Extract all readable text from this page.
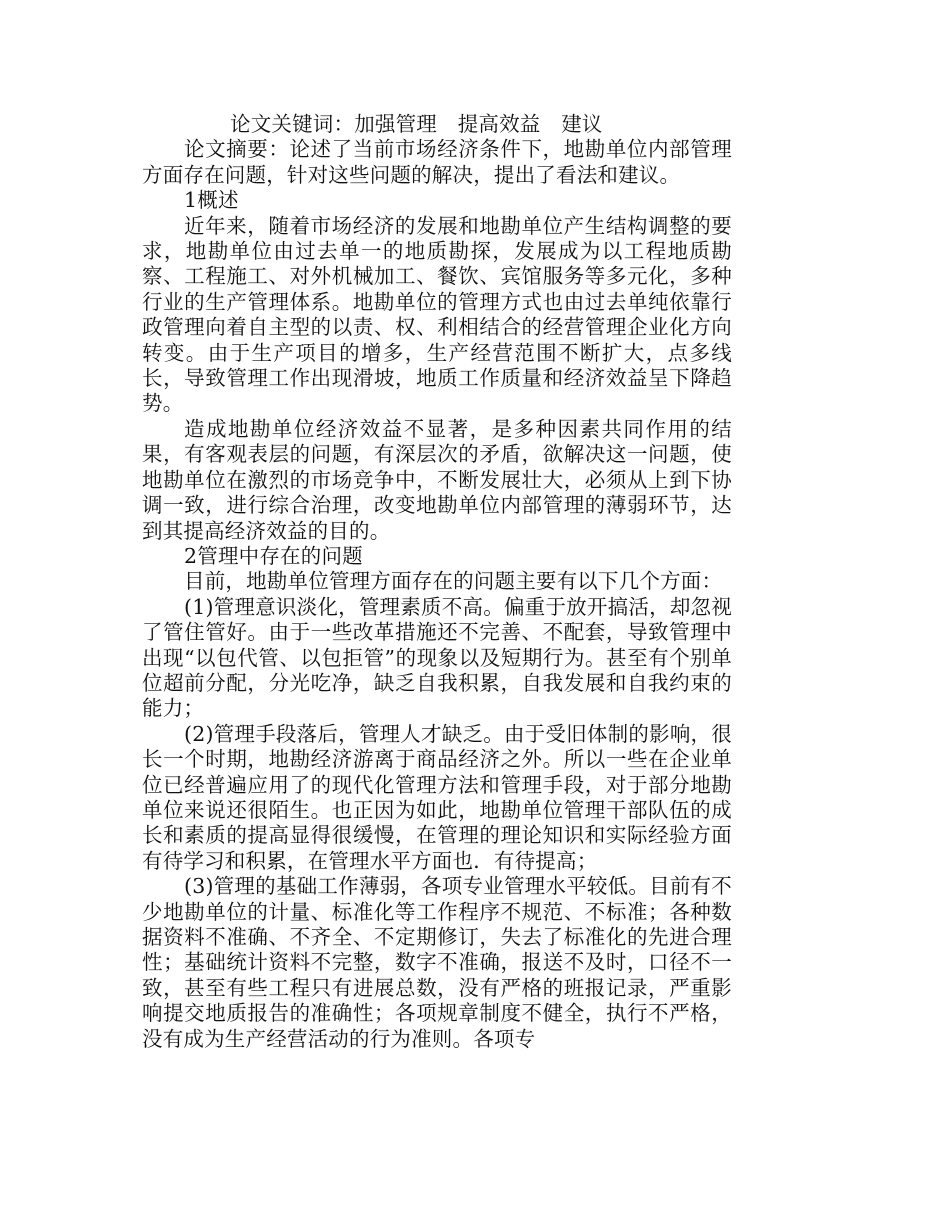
论文关键词：加强管理　提高效益　建议

论文摘要：论述了当前市场经济条件下，地勘单位内部管理方面存在问题，针对这些问题的解决，提出了看法和建议。

1概述

近年来，随着市场经济的发展和地勘单位产生结构调整的要求，地勘单位由过去单一的地质勘探，发展成为以工程地质勘察、工程施工、对外机械加工、餐饮、宾馆服务等多元化，多种行业的生产管理体系。地勘单位的管理方式也由过去单纯依靠行政管理向着自主型的以责、权、利相结合的经营管理企业化方向转变。由于生产项目的增多，生产经营范围不断扩大，点多线长，导致管理工作出现滑坡，地质工作质量和经济效益呈下降趋势。

造成地勘单位经济效益不显著，是多种因素共同作用的结果，有客观表层的问题，有深层次的矛盾，欲解决这一问题，使地勘单位在激烈的市场竞争中，不断发展壮大，必须从上到下协调一致，进行综合治理，改变地勘单位内部管理的薄弱环节，达到其提高经济效益的目的。

2管理中存在的问题

目前，地勘单位管理方面存在的问题主要有以下几个方面：

(1)管理意识淡化，管理素质不高。偏重于放开搞活，却忽视了管住管好。由于一些改革措施还不完善、不配套，导致管理中出现“以包代管、以包拒管”的现象以及短期行为。甚至有个别单位超前分配，分光吃净，缺乏自我积累，自我发展和自我约束的能力；

(2)管理手段落后，管理人才缺乏。由于受旧体制的影响，很长一个时期，地勘经济游离于商品经济之外。所以一些在企业单位已经普遍应用了的现代化管理方法和管理手段，对于部分地勘单位来说还很陌生。也正因为如此，地勘单位管理干部队伍的成长和素质的提高显得很缓慢，在管理的理论知识和实际经验方面有待学习和积累，在管理水平方面也．有待提高；

(3)管理的基础工作薄弱，各项专业管理水平较低。目前有不少地勘单位的计量、标准化等工作程序不规范、不标准；各种数据资料不准确、不齐全、不定期修订，失去了标准化的先进合理性；基础统计资料不完整，数字不准确，报送不及时，口径不一致，甚至有些工程只有进展总数，没有严格的班报记录，严重影响提交地质报告的准确性；各项规章制度不健全，执行不严格，没有成为生产经营活动的行为准则。各项专
